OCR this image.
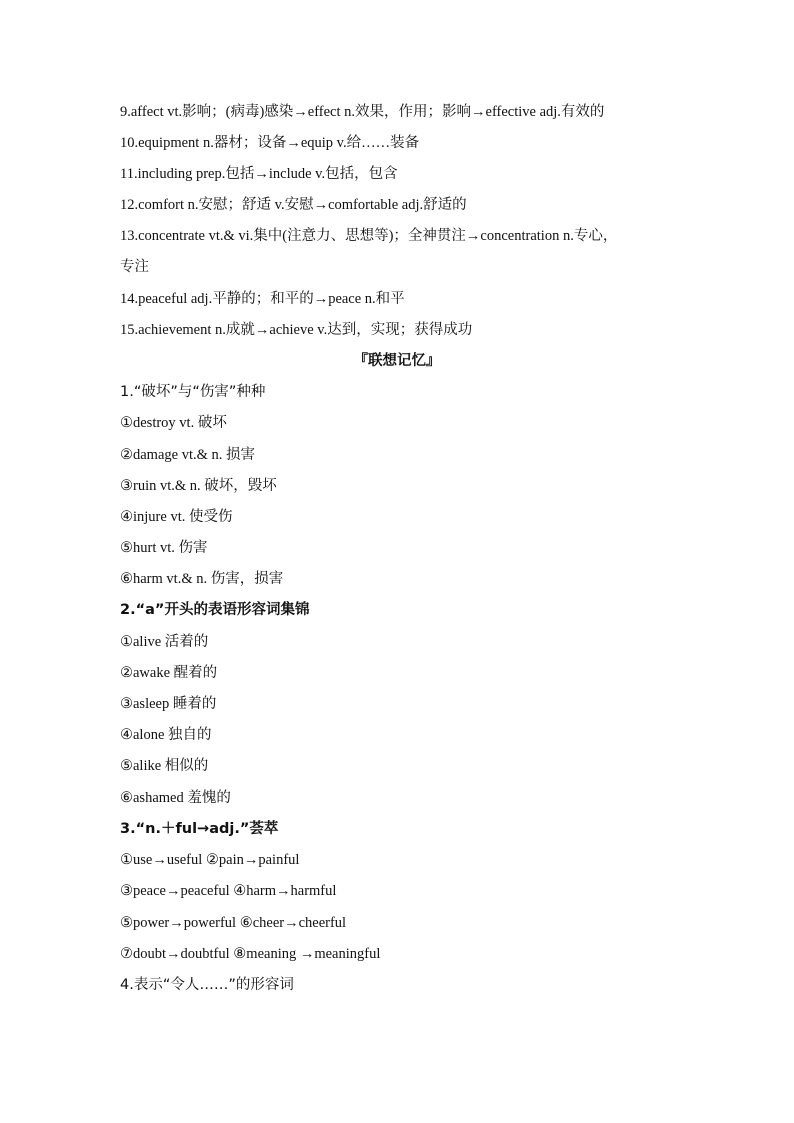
9.affect vt.影响；(病毒)感染→effect n.效果，作用；影响→effective adj.有效的
10.equipment n.器材；设备→equip v.给……装备
11.including prep.包括→include v.包括，包含
12.comfort n.安慰；舒适 v.安慰→comfortable adj.舒适的
13.concentrate vt.& vi.集中(注意力、思想等)；全神贯注→concentration n.专心，
专注
14.peaceful adj.平静的；和平的→peace n.和平
15.achievement n.成就→achieve v.达到，实现；获得成功
『联想记忆』
1.“破坏”与“伤害”种种
①destroy vt. 破坏
②damage vt.& n. 损害
③ruin vt.& n. 破坏，毁坏
④injure vt. 使受伤
⑤hurt vt. 伤害
⑥harm vt.& n. 伤害，损害
2.“a”开头的表语形容词集锦
①alive 活着的
②awake 醒着的
③asleep 睡着的
④alone 独自的
⑤alike 相似的
⑥ashamed 羞愧的
3.“n.＋ful→adj.”荟萃
①use→useful ②pain→painful
③peace→peaceful ④harm→harmful
⑤power→powerful ⑥cheer→cheerful
⑦doubt→doubtful ⑧meaning →meaningful
4.表示“令人……”的形容词
